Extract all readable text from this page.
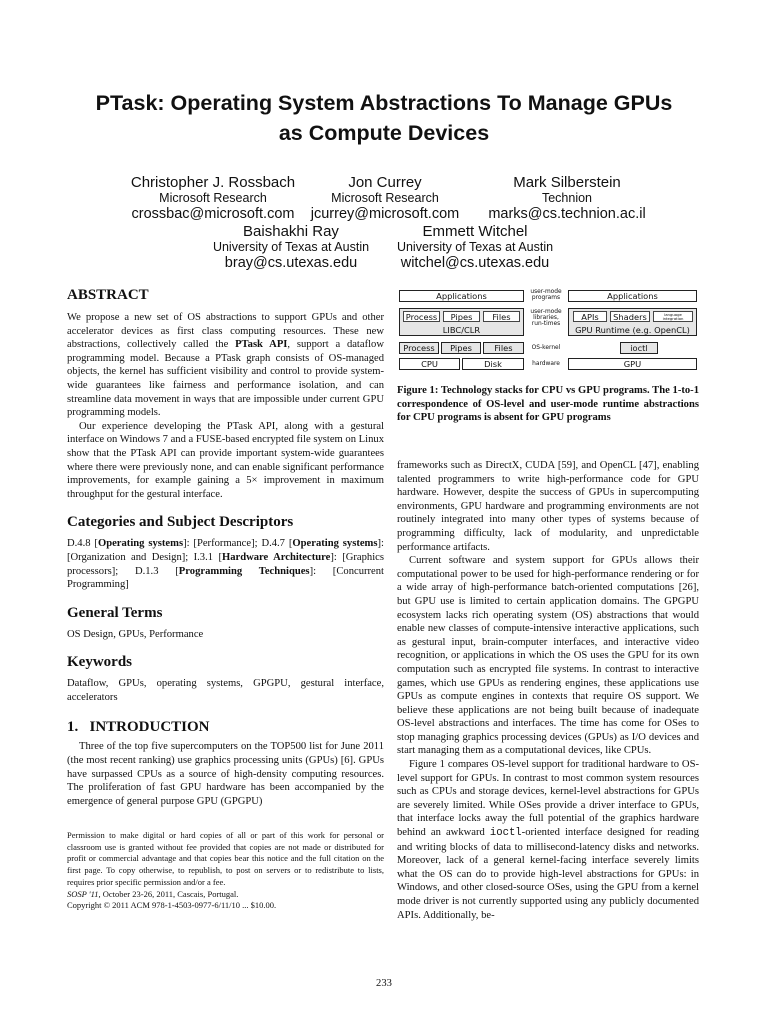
PTask: Operating System Abstractions To Manage GPUs
as Compute Devices
Christopher J. Rossbach
Microsoft Research
crossbac@microsoft.com
Jon Currey
Microsoft Research
jcurrey@microsoft.com
Mark Silberstein
Technion
marks@cs.technion.ac.il
Baishakhi Ray
University of Texas at Austin
bray@cs.utexas.edu
Emmett Witchel
University of Texas at Austin
witchel@cs.utexas.edu
ABSTRACT

We propose a new set of OS abstractions to support GPUs and other accelerator devices as first class computing resources. These new abstractions, collectively called the PTask API, support a dataflow programming model. Because a PTask graph consists of OS-managed objects, the kernel has sufficient visibility and control to provide system-wide guarantees like fairness and performance isolation, and can streamline data movement in ways that are impossible under current GPU programming models.

Our experience developing the PTask API, along with a gestural interface on Windows 7 and a FUSE-based encrypted file system on Linux show that the PTask API can provide important system-wide guarantees where there were previously none, and can enable significant performance improvements, for example gaining a 5× improvement in maximum throughput for the gestural interface.

Categories and Subject Descriptors

D.4.8 [Operating systems]: [Performance]; D.4.7 [Operating systems]: [Organization and Design]; I.3.1 [Hardware Architecture]: [Graphics processors]; D.1.3 [Programming Techniques]: [Concurrent Programming]

General Terms

OS Design, GPUs, Performance

Keywords

Dataflow, GPUs, operating systems, GPGPU, gestural interface, accelerators

1.   INTRODUCTION

Three of the top five supercomputers on the TOP500 list for June 2011 (the most recent ranking) use graphics processing units (GPUs) [6]. GPUs have surpassed CPUs as a source of high-density computing resources. The proliferation of fast GPU hardware has been accompanied by the emergence of general purpose GPU (GPGPU)

Permission to make digital or hard copies of all or part of this work for personal or classroom use is granted without fee provided that copies are not made or distributed for profit or commercial advantage and that copies bear this notice and the full citation on the first page. To copy otherwise, to republish, to post on servers or to redistribute to lists, requires prior specific permission and/or a fee.

SOSP '11, October 23-26, 2011, Cascais, Portugal.

Copyright © 2011 ACM 978-1-4503-0977-6/11/10 ... $10.00.

Applications
Process	Pipes	Files
LIBC/CLR
Process	Pipes	Files
CPU	Disk
user-mode programs
user-mode libraries, run-times
OS-kernel
hardware
Applications
APIs	Shaders	language integration
GPU Runtime (e.g. OpenCL)
ioctl
GPU
Figure 1: Technology stacks for CPU vs GPU programs. The 1-to-1 correspondence of OS-level and user-mode runtime abstractions for CPU programs is absent for GPU programs

frameworks such as DirectX, CUDA [59], and OpenCL [47], enabling talented programmers to write high-performance code for GPU hardware. However, despite the success of GPUs in supercomputing environments, GPU hardware and programming environments are not routinely integrated into many other types of systems because of programming difficulty, lack of modularity, and unpredictable performance artifacts.

Current software and system support for GPUs allows their computational power to be used for high-performance rendering or for a wide array of high-performance batch-oriented computations [26], but GPU use is limited to certain application domains. The GPGPU ecosystem lacks rich operating system (OS) abstractions that would enable new classes of compute-intensive interactive applications, such as gestural input, brain-computer interfaces, and interactive video recognition, or applications in which the OS uses the GPU for its own computation such as encrypted file systems. In contrast to interactive games, which use GPUs as rendering engines, these applications use GPUs as compute engines in contexts that require OS support. We believe these applications are not being built because of inadequate OS-level abstractions and interfaces. The time has come for OSes to stop managing graphics processing devices (GPUs) as I/O devices and start managing them as a computational devices, like CPUs.

Figure 1 compares OS-level support for traditional hardware to OS-level support for GPUs. In contrast to most common system resources such as CPUs and storage devices, kernel-level abstractions for GPUs are severely limited. While OSes provide a driver interface to GPUs, that interface locks away the full potential of the graphics hardware behind an awkward ioctl-oriented interface designed for reading and writing blocks of data to millisecond-latency disks and networks. Moreover, lack of a general kernel-facing interface severely limits what the OS can do to provide high-level abstractions for GPUs: in Windows, and other closed-source OSes, using the GPU from a kernel mode driver is not currently supported using any publicly documented APIs. Additionally, be-

233
